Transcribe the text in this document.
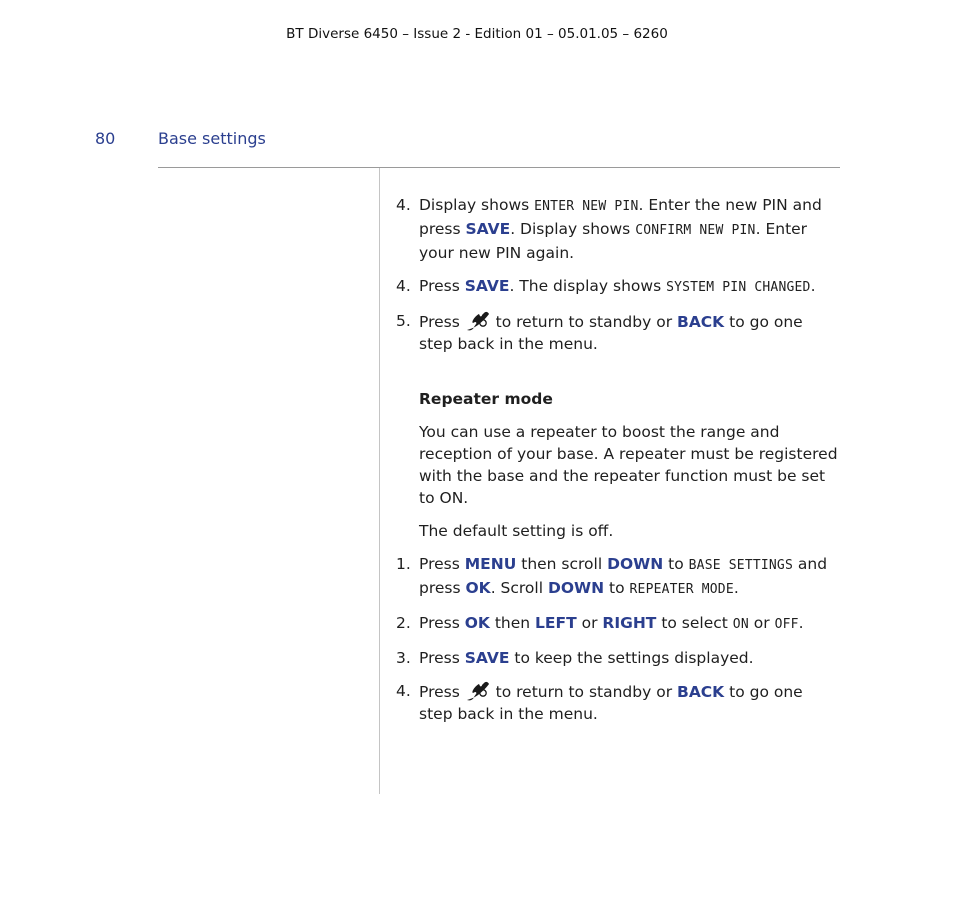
BT Diverse 6450 – Issue 2 - Edition 01 – 05.01.05 – 6260
80	Base settings
4. Display shows ENTER NEW PIN. Enter the new PIN and press SAVE. Display shows CONFIRM NEW PIN. Enter your new PIN again.
4. Press SAVE. The display shows SYSTEM PIN CHANGED.
5. Press  to return to standby or BACK to go one step back in the menu.
Repeater mode
You can use a repeater to boost the range and reception of your base. A repeater must be registered with the base and the repeater function must be set to ON.
The default setting is off.
1. Press MENU then scroll DOWN to BASE SETTINGS and press OK. Scroll DOWN to REPEATER MODE.
2. Press OK then LEFT or RIGHT to select ON or OFF.
3. Press SAVE to keep the settings displayed.
4. Press  to return to standby or BACK to go one step back in the menu.
